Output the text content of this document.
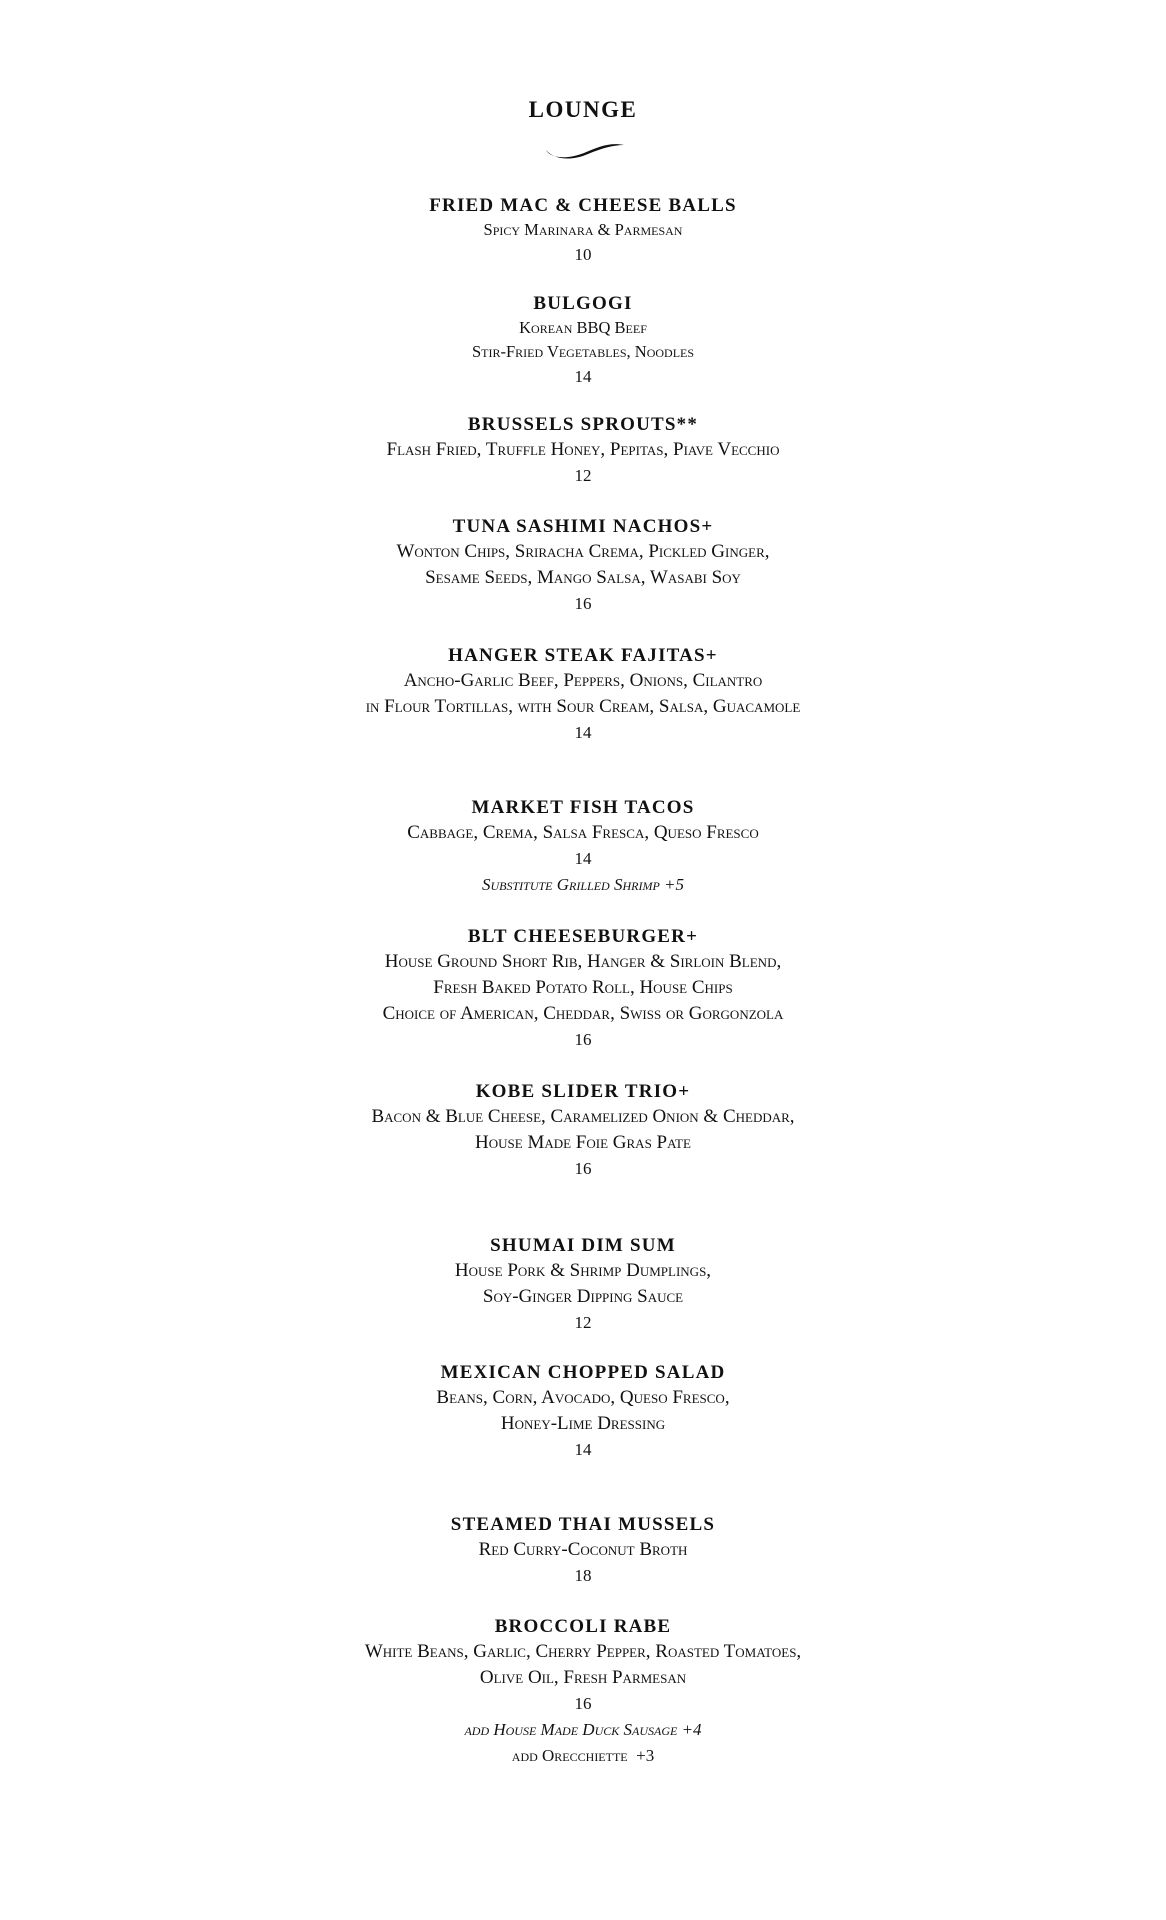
LOUNGE
FRIED MAC & CHEESE BALLS
Spicy Marinara & Parmesan
10
BULGOGI
Korean BBQ Beef
Stir-Fried Vegetables, Noodles
14
BRUSSELS SPROUTS**
Flash Fried, Truffle Honey, Pepitas, Piave Vecchio
12
TUNA SASHIMI NACHOS+
Wonton Chips, Sriracha Crema, Pickled Ginger,
Sesame Seeds, Mango Salsa, Wasabi Soy
16
HANGER STEAK FAJITAS+
Ancho-Garlic Beef, Peppers, Onions, Cilantro
in Flour Tortillas, with Sour Cream, Salsa, Guacamole
14
MARKET FISH TACOS
Cabbage, Crema, Salsa Fresca, Queso Fresco
14
Substitute Grilled Shrimp +5
BLT CHEESEBURGER+
House Ground Short Rib, Hanger & Sirloin Blend,
Fresh Baked Potato Roll, House Chips
Choice of American, Cheddar, Swiss or Gorgonzola
16
KOBE SLIDER TRIO+
Bacon & Blue Cheese, Caramelized Onion & Cheddar,
House Made Foie Gras Pate
16
SHUMAI DIM SUM
House Pork & Shrimp Dumplings,
Soy-Ginger Dipping Sauce
12
MEXICAN CHOPPED SALAD
Beans, Corn, Avocado, Queso Fresco,
Honey-Lime Dressing
14
STEAMED THAI MUSSELS
Red Curry-Coconut Broth
18
BROCCOLI RABE
White Beans, Garlic, Cherry Pepper, Roasted Tomatoes,
Olive Oil, Fresh Parmesan
16
add House Made Duck Sausage +4
add Orecchiette  +3
